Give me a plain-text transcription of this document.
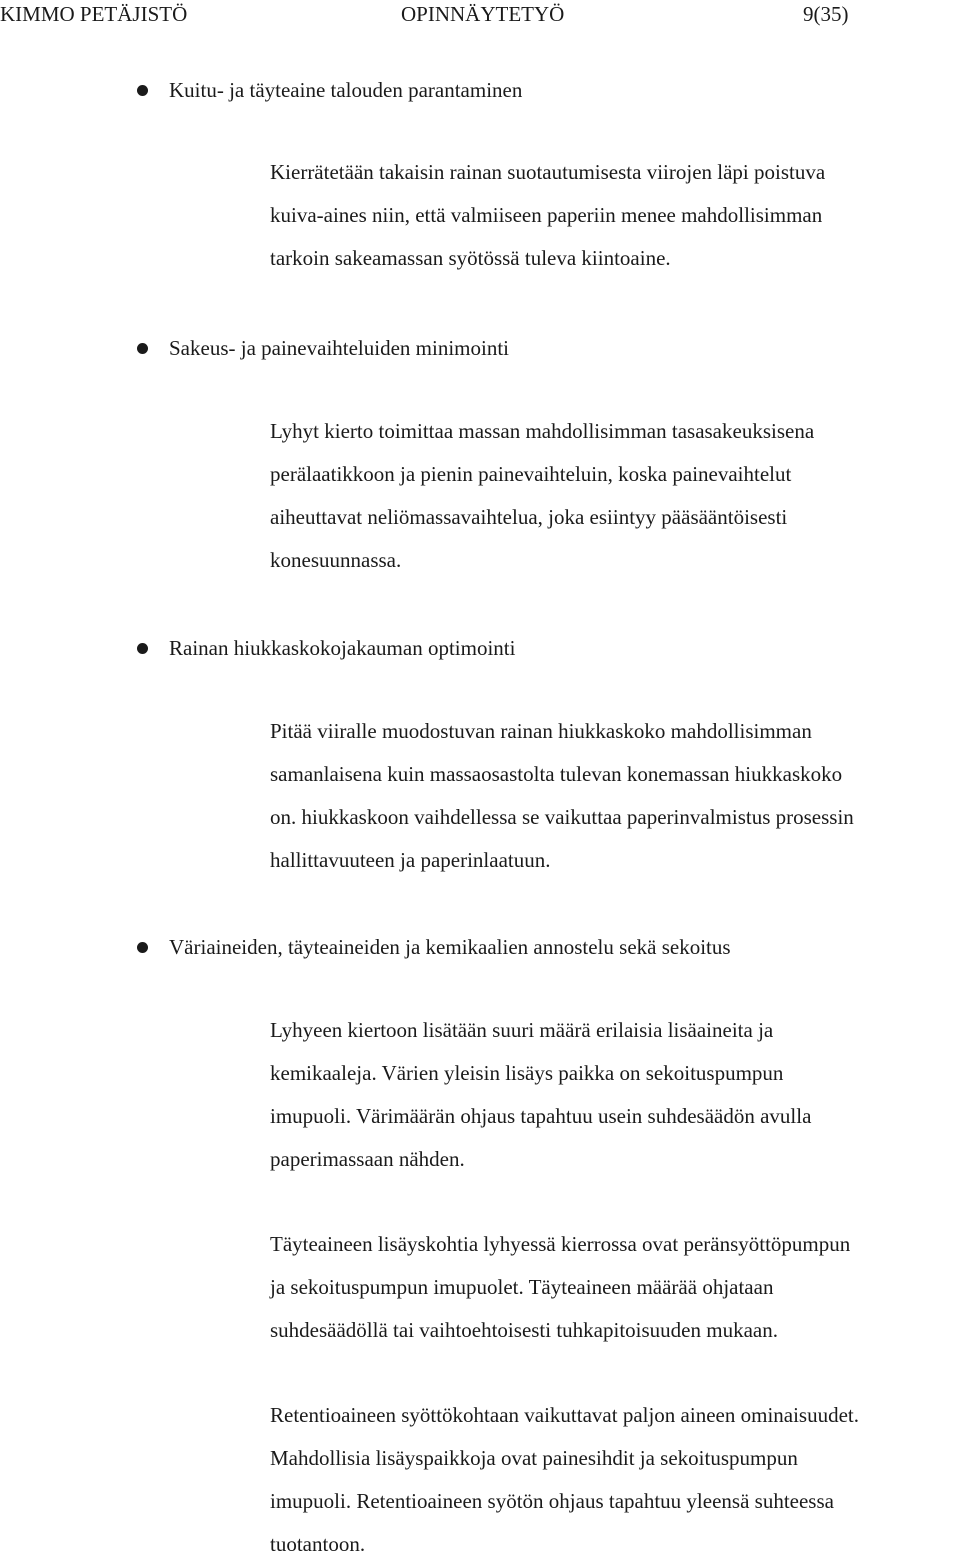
KIMMO PETÄJISTÖ	OPINNÄYTETYÖ	9(35)
Kuitu- ja täyteaine talouden parantaminen
Kierrätetään takaisin rainan suotautumisesta viirojen läpi poistuva
kuiva-aines niin, että valmiiseen paperiin menee mahdollisimman
tarkoin sakeamassan syötössä tuleva kiintoaine.
Sakeus- ja painevaihteluiden minimointi
Lyhyt kierto toimittaa massan mahdollisimman tasasakeuksisena
perälaatikkoon ja pienin painevaihteluin, koska painevaihtelut
aiheuttavat neliömassavaihtelua, joka esiintyy pääsääntöisesti
konesuunnassa.
Rainan hiukkaskokojakauman optimointi
Pitää viiralle muodostuvan rainan hiukkaskoko mahdollisimman
samanlaisena kuin massaosastolta tulevan konemassan hiukkaskoko
on. hiukkaskoon vaihdellessa se vaikuttaa paperinvalmistus prosessin
hallittavuuteen ja paperinlaatuun.
Väriaineiden, täyteaineiden ja kemikaalien annostelu sekä sekoitus
Lyhyeen kiertoon lisätään suuri määrä erilaisia lisäaineita ja
kemikaaleja. Värien yleisin lisäys paikka on sekoituspumpun
imupuoli. Värimäärän ohjaus tapahtuu usein suhdesäädön avulla
paperimassaan nähden.
Täyteaineen lisäyskohtia lyhyessä kierrossa ovat peränsyöttöpumpun
ja sekoituspumpun imupuolet. Täyteaineen määrää ohjataan
suhdesäädöllä tai vaihtoehtoisesti tuhkapitoisuuden mukaan.
Retentioaineen syöttökohtaan vaikuttavat paljon aineen ominaisuudet.
Mahdollisia lisäyspaikkoja ovat painesihdit ja sekoituspumpun
imupuoli. Retentioaineen syötön ohjaus tapahtuu yleensä suhteessa
tuotantoon.
